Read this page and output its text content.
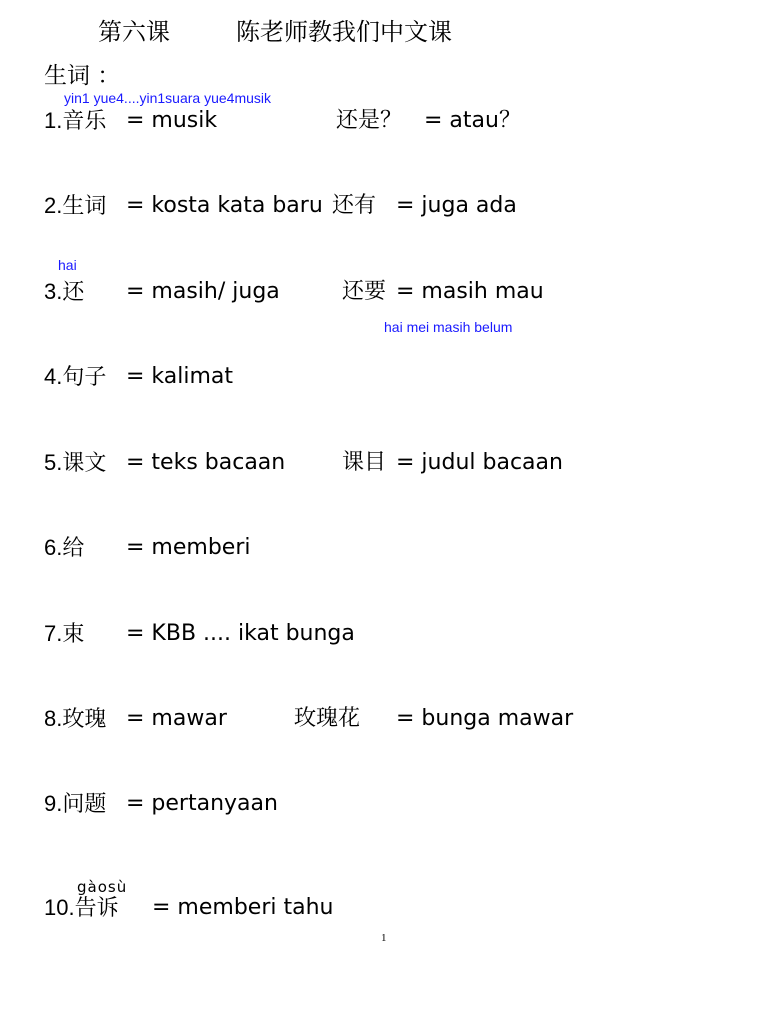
第六课	陈老师教我们中文课
生词 ：
yin1 yue4....yin1suara yue4musik
hai
hai mei masih belum
1.音乐 = musik	还是？ = atau？
2.生词 = kosta kata baru 还有 = juga ada
3.还 = masih/ juga	还要 = masih mau
4.句子 = kalimat
5.课文 = teks bacaan	课目 = judul bacaan
6.给 = memberi
7.束 = KBB .... ikat bunga
8.玫瑰 = mawar	玫瑰花 = bunga mawar
9.问题 = pertanyaan
gàosù
10.告诉 = memberi tahu
1
